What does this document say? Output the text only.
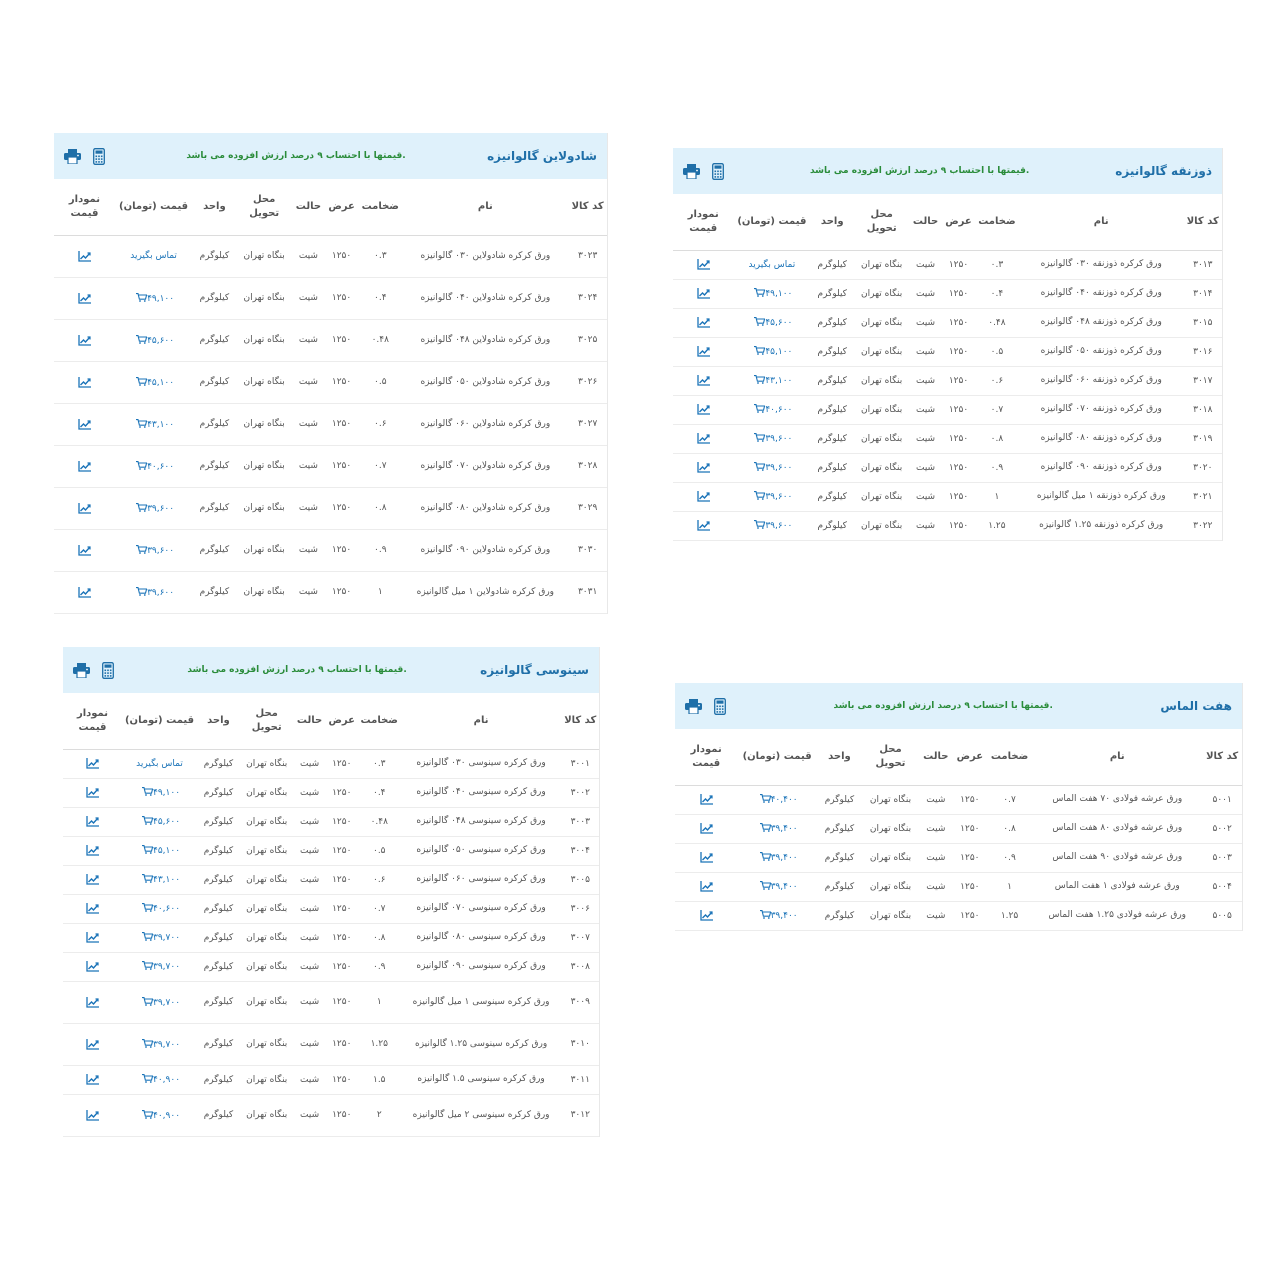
قیمتها با احتساب ۹ درصد ارزش افزوده می باشد.	شادولاین گالوانیزه
کد کالا	نام	ضخامت	عرض	حالت	محل تحویل	واحد	قیمت (تومان)	نمودار قیمت
۳۰۲۳	ورق کرکره شادولاین ۰۳۰ گالوانیزه	۰.۳	۱۲۵۰	شیت	بنگاه تهران	کیلوگرم	تماس بگیرید	
۳۰۲۴	ورق کرکره شادولاین ۰۴۰ گالوانیزه	۰.۴	۱۲۵۰	شیت	بنگاه تهران	کیلوگرم	۴۹,۱۰۰	
۳۰۲۵	ورق کرکره شادولاین ۰۴۸ گالوانیزه	۰.۴۸	۱۲۵۰	شیت	بنگاه تهران	کیلوگرم	۴۵,۶۰۰	
۳۰۲۶	ورق کرکره شادولاین ۰۵۰ گالوانیزه	۰.۵	۱۲۵۰	شیت	بنگاه تهران	کیلوگرم	۴۵,۱۰۰	
۳۰۲۷	ورق کرکره شادولاین ۰۶۰ گالوانیزه	۰.۶	۱۲۵۰	شیت	بنگاه تهران	کیلوگرم	۴۳,۱۰۰	
۳۰۲۸	ورق کرکره شادولاین ۰۷۰ گالوانیزه	۰.۷	۱۲۵۰	شیت	بنگاه تهران	کیلوگرم	۴۰,۶۰۰	
۳۰۲۹	ورق کرکره شادولاین ۰۸۰ گالوانیزه	۰.۸	۱۲۵۰	شیت	بنگاه تهران	کیلوگرم	۳۹,۶۰۰	
۳۰۳۰	ورق کرکره شادولاین ۰۹۰ گالوانیزه	۰.۹	۱۲۵۰	شیت	بنگاه تهران	کیلوگرم	۳۹,۶۰۰	
۳۰۳۱	ورق کرکره شادولاین ۱ میل گالوانیزه	۱	۱۲۵۰	شیت	بنگاه تهران	کیلوگرم	۳۹,۶۰۰	
قیمتها با احتساب ۹ درصد ارزش افزوده می باشد.	ذوزنقه گالوانیزه
کد کالا	نام	ضخامت	عرض	حالت	محل تحویل	واحد	قیمت (تومان)	نمودار قیمت
۳۰۱۳	ورق کرکره ذوزنقه ۰۳۰ گالوانیزه	۰.۳	۱۲۵۰	شیت	بنگاه تهران	کیلوگرم	تماس بگیرید	
۳۰۱۴	ورق کرکره ذوزنقه ۰۴۰ گالوانیزه	۰.۴	۱۲۵۰	شیت	بنگاه تهران	کیلوگرم	۴۹,۱۰۰	
۳۰۱۵	ورق کرکره ذوزنقه ۰۴۸ گالوانیزه	۰.۴۸	۱۲۵۰	شیت	بنگاه تهران	کیلوگرم	۴۵,۶۰۰	
۳۰۱۶	ورق کرکره ذوزنقه ۰۵۰ گالوانیزه	۰.۵	۱۲۵۰	شیت	بنگاه تهران	کیلوگرم	۴۵,۱۰۰	
۳۰۱۷	ورق کرکره ذوزنقه ۰۶۰ گالوانیزه	۰.۶	۱۲۵۰	شیت	بنگاه تهران	کیلوگرم	۴۳,۱۰۰	
۳۰۱۸	ورق کرکره ذوزنقه ۰۷۰ گالوانیزه	۰.۷	۱۲۵۰	شیت	بنگاه تهران	کیلوگرم	۴۰,۶۰۰	
۳۰۱۹	ورق کرکره ذوزنقه ۰۸۰ گالوانیزه	۰.۸	۱۲۵۰	شیت	بنگاه تهران	کیلوگرم	۳۹,۶۰۰	
۳۰۲۰	ورق کرکره ذوزنقه ۰۹۰ گالوانیزه	۰.۹	۱۲۵۰	شیت	بنگاه تهران	کیلوگرم	۳۹,۶۰۰	
۳۰۲۱	ورق کرکره ذوزنقه ۱ میل گالوانیزه	۱	۱۲۵۰	شیت	بنگاه تهران	کیلوگرم	۳۹,۶۰۰	
۳۰۲۲	ورق کرکره ذوزنقه ۱.۲۵ گالوانیزه	۱.۲۵	۱۲۵۰	شیت	بنگاه تهران	کیلوگرم	۳۹,۶۰۰	
قیمتها با احتساب ۹ درصد ارزش افزوده می باشد.	سینوسی گالوانیزه
کد کالا	نام	ضخامت	عرض	حالت	محل تحویل	واحد	قیمت (تومان)	نمودار قیمت
۳۰۰۱	ورق کرکره سینوسی ۰۳۰ گالوانیزه	۰.۳	۱۲۵۰	شیت	بنگاه تهران	کیلوگرم	تماس بگیرید	
۳۰۰۲	ورق کرکره سینوسی ۰۴۰ گالوانیزه	۰.۴	۱۲۵۰	شیت	بنگاه تهران	کیلوگرم	۴۹,۱۰۰	
۳۰۰۳	ورق کرکره سینوسی ۰۴۸ گالوانیزه	۰.۴۸	۱۲۵۰	شیت	بنگاه تهران	کیلوگرم	۴۵,۶۰۰	
۳۰۰۴	ورق کرکره سینوسی ۰۵۰ گالوانیزه	۰.۵	۱۲۵۰	شیت	بنگاه تهران	کیلوگرم	۴۵,۱۰۰	
۳۰۰۵	ورق کرکره سینوسی ۰۶۰ گالوانیزه	۰.۶	۱۲۵۰	شیت	بنگاه تهران	کیلوگرم	۴۳,۱۰۰	
۳۰۰۶	ورق کرکره سینوسی ۰۷۰ گالوانیزه	۰.۷	۱۲۵۰	شیت	بنگاه تهران	کیلوگرم	۴۰,۶۰۰	
۳۰۰۷	ورق کرکره سینوسی ۰۸۰ گالوانیزه	۰.۸	۱۲۵۰	شیت	بنگاه تهران	کیلوگرم	۳۹,۷۰۰	
۳۰۰۸	ورق کرکره سینوسی ۰۹۰ گالوانیزه	۰.۹	۱۲۵۰	شیت	بنگاه تهران	کیلوگرم	۳۹,۷۰۰	
۳۰۰۹	ورق کرکره سینوسی ۱ میل گالوانیزه	۱	۱۲۵۰	شیت	بنگاه تهران	کیلوگرم	۳۹,۷۰۰	
۳۰۱۰	ورق کرکره سینوسی ۱.۲۵ گالوانیزه	۱.۲۵	۱۲۵۰	شیت	بنگاه تهران	کیلوگرم	۳۹,۷۰۰	
۳۰۱۱	ورق کرکره سینوسی ۱.۵ گالوانیزه	۱.۵	۱۲۵۰	شیت	بنگاه تهران	کیلوگرم	۴۰,۹۰۰	
۳۰۱۲	ورق کرکره سینوسی ۲ میل گالوانیزه	۲	۱۲۵۰	شیت	بنگاه تهران	کیلوگرم	۴۰,۹۰۰	
قیمتها با احتساب ۹ درصد ارزش افزوده می باشد.	هفت الماس
کد کالا	نام	ضخامت	عرض	حالت	محل تحویل	واحد	قیمت (تومان)	نمودار قیمت
۵۰۰۱	ورق عرشه فولادی ۷۰ هفت الماس	۰.۷	۱۲۵۰	شیت	بنگاه تهران	کیلوگرم	۴۰,۴۰۰	
۵۰۰۲	ورق عرشه فولادی ۸۰ هفت الماس	۰.۸	۱۲۵۰	شیت	بنگاه تهران	کیلوگرم	۳۹,۴۰۰	
۵۰۰۳	ورق عرشه فولادی ۹۰ هفت الماس	۰.۹	۱۲۵۰	شیت	بنگاه تهران	کیلوگرم	۳۹,۴۰۰	
۵۰۰۴	ورق عرشه فولادی ۱ هفت الماس	۱	۱۲۵۰	شیت	بنگاه تهران	کیلوگرم	۳۹,۴۰۰	
۵۰۰۵	ورق عرشه فولادی ۱.۲۵ هفت الماس	۱.۲۵	۱۲۵۰	شیت	بنگاه تهران	کیلوگرم	۳۹,۴۰۰	
